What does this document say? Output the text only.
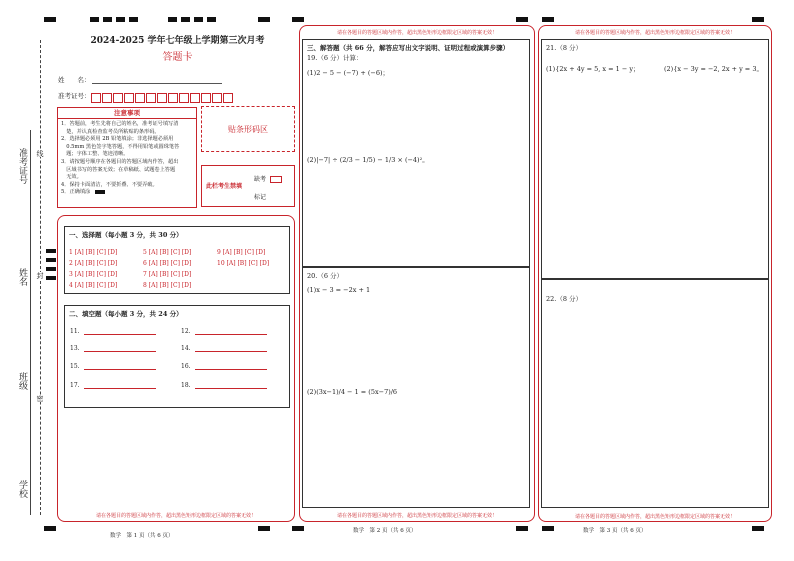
准考证号
姓名
班级
学校
线
封
密
2024-2025 学年七年级上学期第三次月考
答题卡
姓　　名：
准考证号：
注意事项
1．答题前，考生先将自己的姓名，准考证号填写清
　楚，并认真检查监考员所粘贴的条形码。
2．选择题必须用 2B 铅笔填涂；非选择题必须用
　0.5mm 黑色签字笔答题，不得用铅笔或圆珠笔答
　题；字体工整、笔迹清晰。
3．请按题号顺序在各题目的答题区域内作答，超出
　区域书写的答案无效；在草稿纸、试题卷上答题
　无效。
4．保持卡面清洁，不要折叠、不要弄破。
5．正确填涂
贴条形码区
此栏考生禁填
缺考
标记
一、选择题（每小题 3 分，共 30 分）
1 [A] [B] [C] [D]
2 [A] [B] [C] [D]
3 [A] [B] [C] [D]
4 [A] [B] [C] [D]
5 [A] [B] [C] [D]
6 [A] [B] [C] [D]
7 [A] [B] [C] [D]
8 [A] [B] [C] [D]
9 [A] [B] [C] [D]
10 [A] [B] [C] [D]
二、填空题（每小题 3 分，共 24 分）
11.	12.
13.	14.
15.	16.
17.	18.
请在各题目的答题区域内作答，超出黑色矩形边框限定区域的答案无效！
数学　第 1 页（共 6 页）
请在各题目的答题区域内作答，超出黑色矩形边框限定区域的答案无效！
三、解答题（共 66 分，解答应写出文字说明、证明过程或演算步骤）
19.（6 分）计算：
(1)2 − 5 − (−7) + (−6)；
(2)|−7| ÷ (2/3 − 1/5) − 1/3 × (−4)²。
20.（6 分）
(1)x − 3 = −2x + 1
(2)(3x−1)/4 − 1 = (5x−7)/6
请在各题目的答题区域内作答，超出黑色矩形边框限定区域的答案无效！
数学　第 2 页（共 6 页）
请在各题目的答题区域内作答，超出黑色矩形边框限定区域的答案无效！
21.（8 分）
(1){2x + 4y = 5, x = 1 − y；	(2){x − 3y = −2, 2x + y = 3。
22.（8 分）
请在各题目的答题区域内作答，超出黑色矩形边框限定区域的答案无效！
数学　第 3 页（共 6 页）
